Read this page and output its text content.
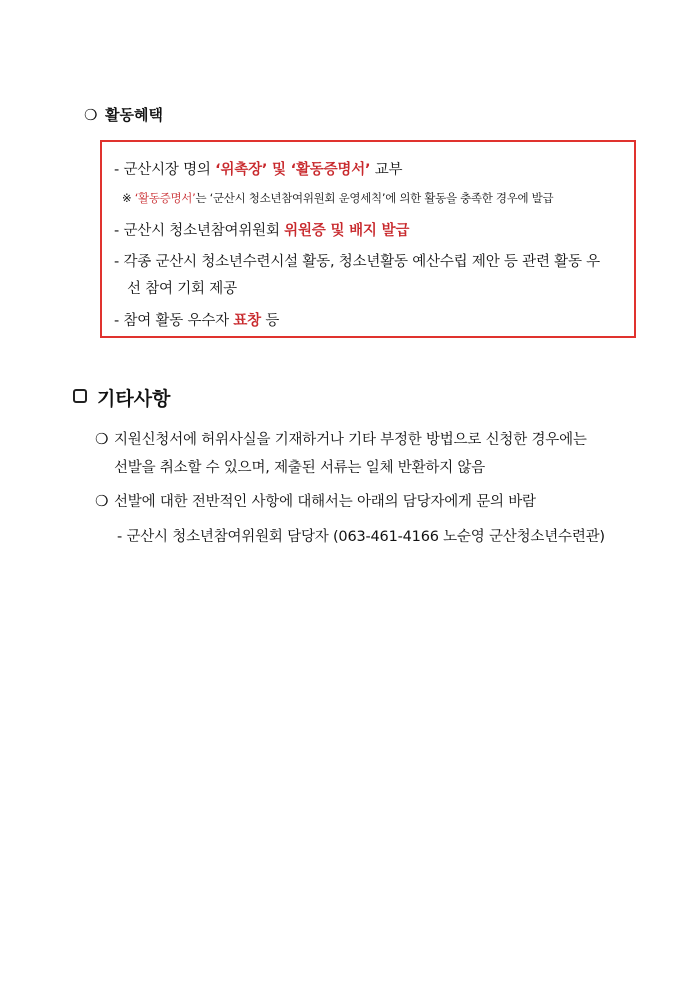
❍ 활동혜택
- 군산시장 명의 ‘위촉장’ 및 ‘활동증명서’ 교부
※ ‘활동증명서’는 ‘군산시 청소년참여위원회 운영세칙’에 의한 활동을 충족한 경우에 발급
- 군산시 청소년참여위원회 위원증 및 배지 발급
- 각종 군산시 청소년수련시설 활동, 청소년활동 예산수립 제안 등 관련 활동 우
선 참여 기회 제공
- 참여 활동 우수자 표창 등
기타사항
❍ 지원신청서에 허위사실을 기재하거나 기타 부정한 방법으로 신청한 경우에는
선발을 취소할 수 있으며, 제출된 서류는 일체 반환하지 않음
❍ 선발에 대한 전반적인 사항에 대해서는 아래의 담당자에게 문의 바람
- 군산시 청소년참여위원회 담당자 (063-461-4166 노순영 군산청소년수련관)
